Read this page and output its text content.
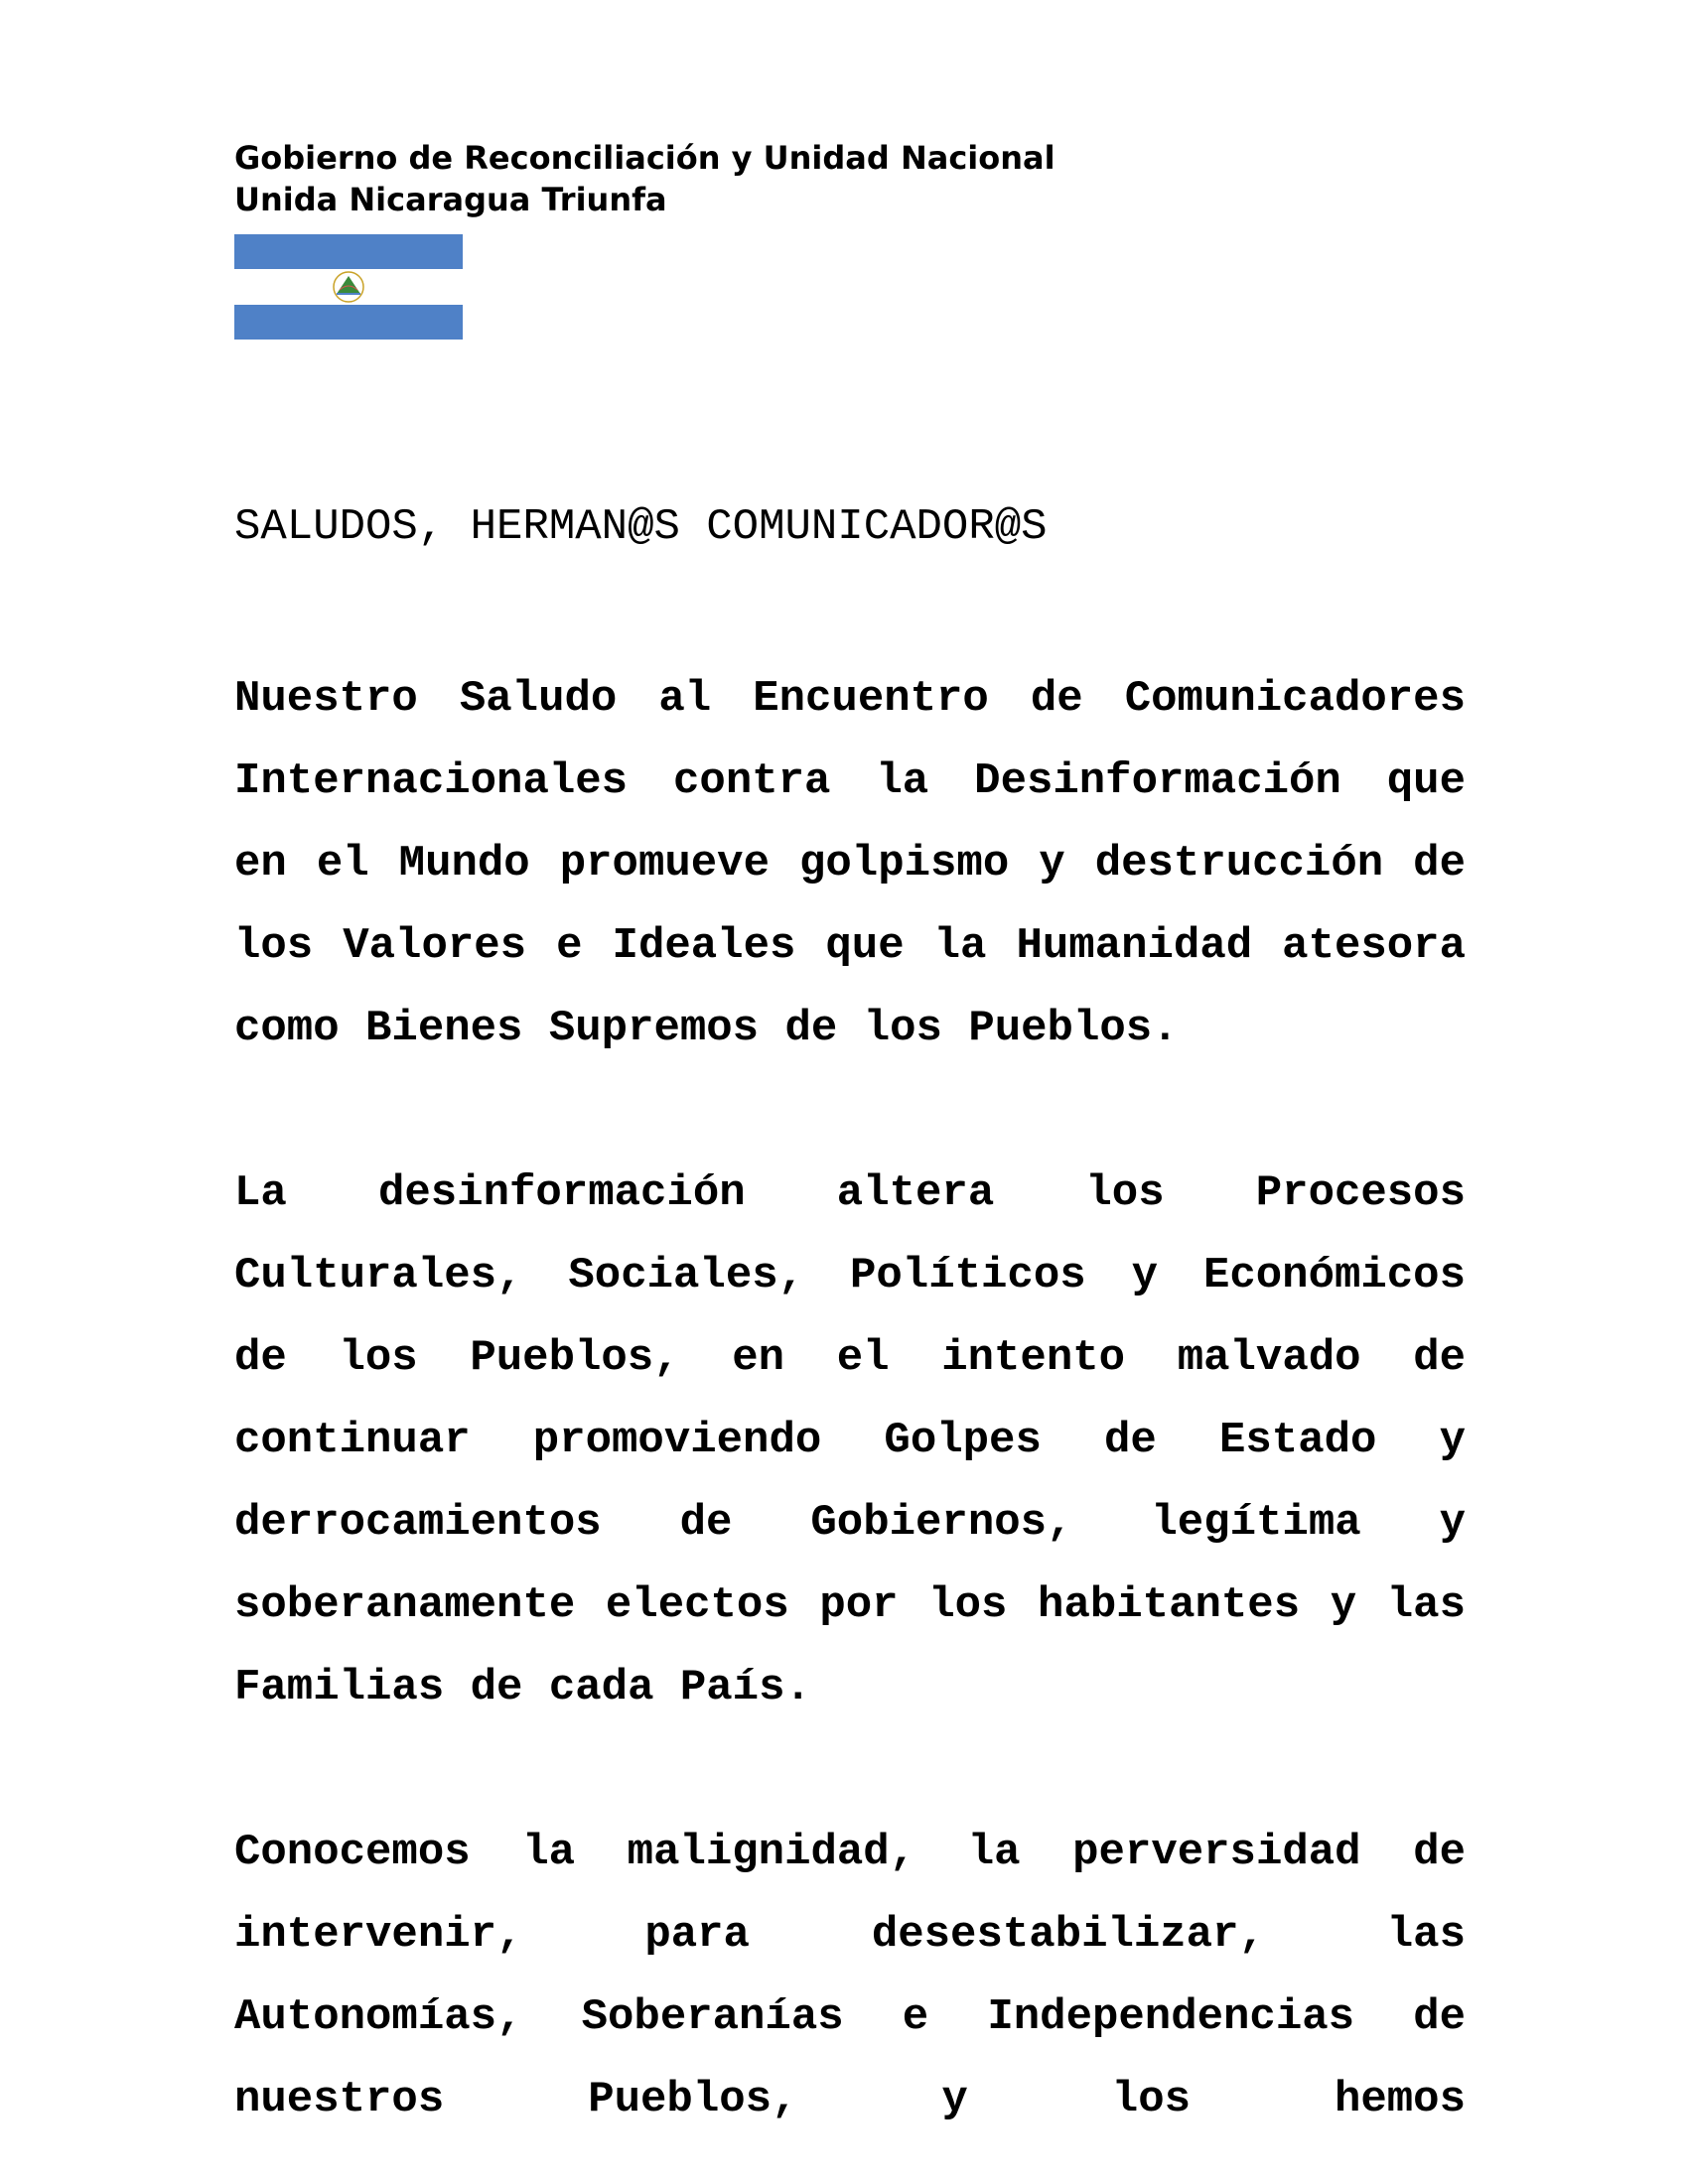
Gobierno de Reconciliación y Unidad Nacional

Unida Nicaragua Triunfa

SALUDOS, HERMAN@S COMUNICADOR@S

Nuestro Saludo al Encuentro de Comunicadores Internacionales contra la Desinformación que en el Mundo promueve golpismo y destrucción de los Valores e Ideales que la Humanidad atesora como Bienes Supremos de los Pueblos.

La desinformación altera los Procesos Culturales, Sociales, Políticos y Económicos de los Pueblos, en el intento malvado de continuar promoviendo Golpes de Estado y derrocamientos de Gobiernos, legítima y soberanamente electos por los habitantes y las Familias de cada País.

Conocemos la malignidad, la perversidad de intervenir, para desestabilizar, las Autonomías, Soberanías e Independencias de nuestros Pueblos, y los hemos
